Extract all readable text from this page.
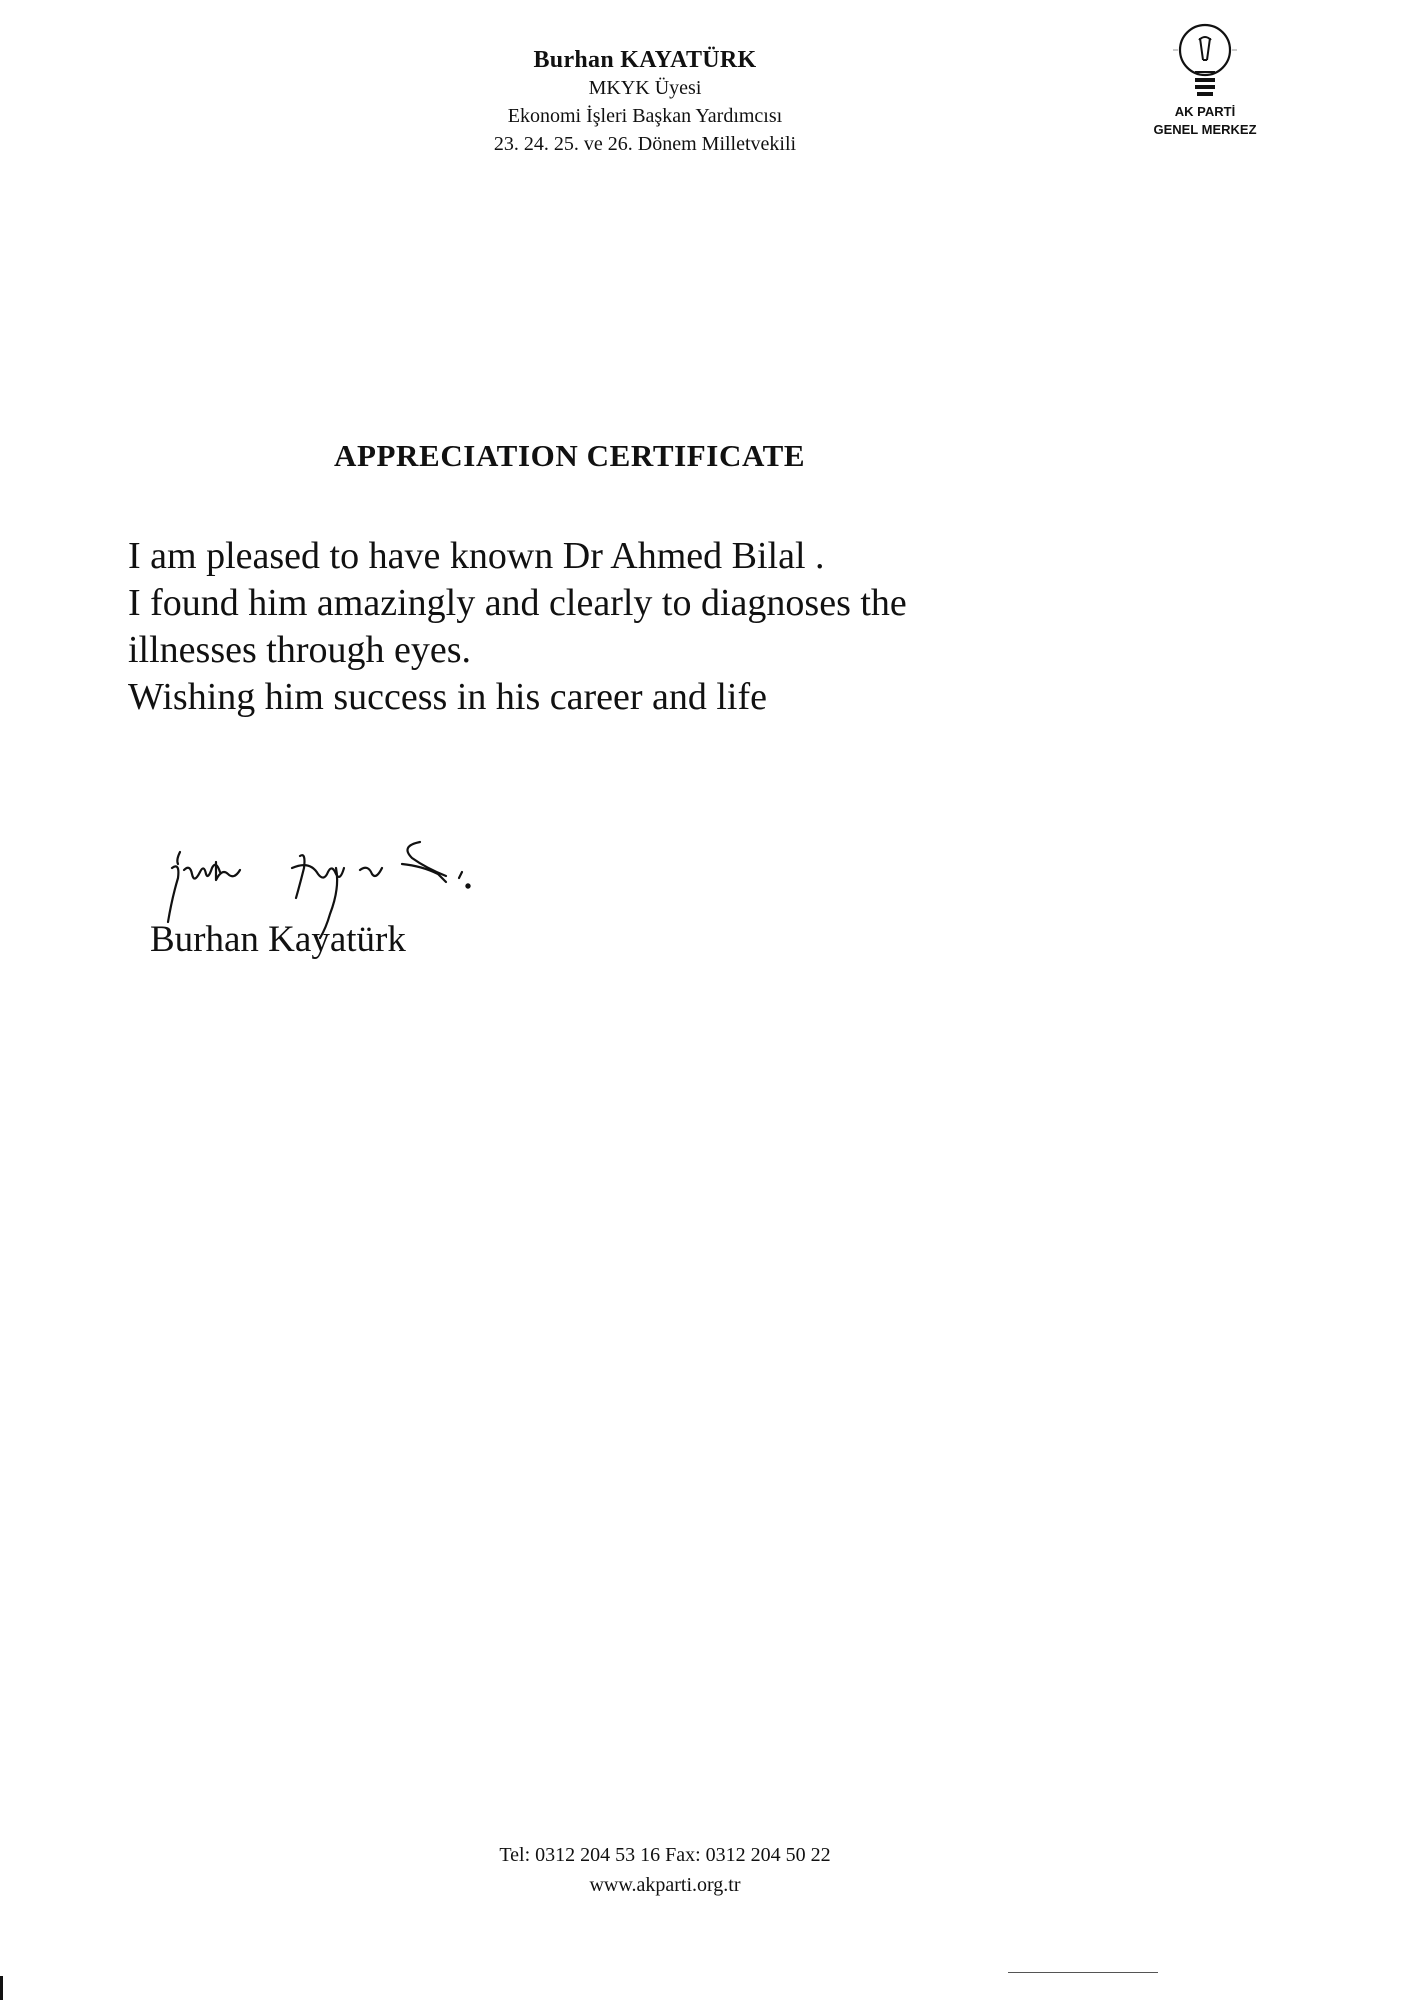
Burhan KAYATÜRK
MKYK Üyesi
Ekonomi İşleri Başkan Yardımcısı
23. 24. 25. ve 26. Dönem Milletvekili
AK PARTİ
GENEL MERKEZ
APPRECIATION CERTIFICATE
I am pleased to have known Dr Ahmed Bilal .
I found him amazingly and clearly to diagnoses the
illnesses through eyes.
Wishing him success in his career and life
Burhan Kayatürk
Tel: 0312 204 53 16 Fax: 0312 204 50 22
www.akparti.org.tr
